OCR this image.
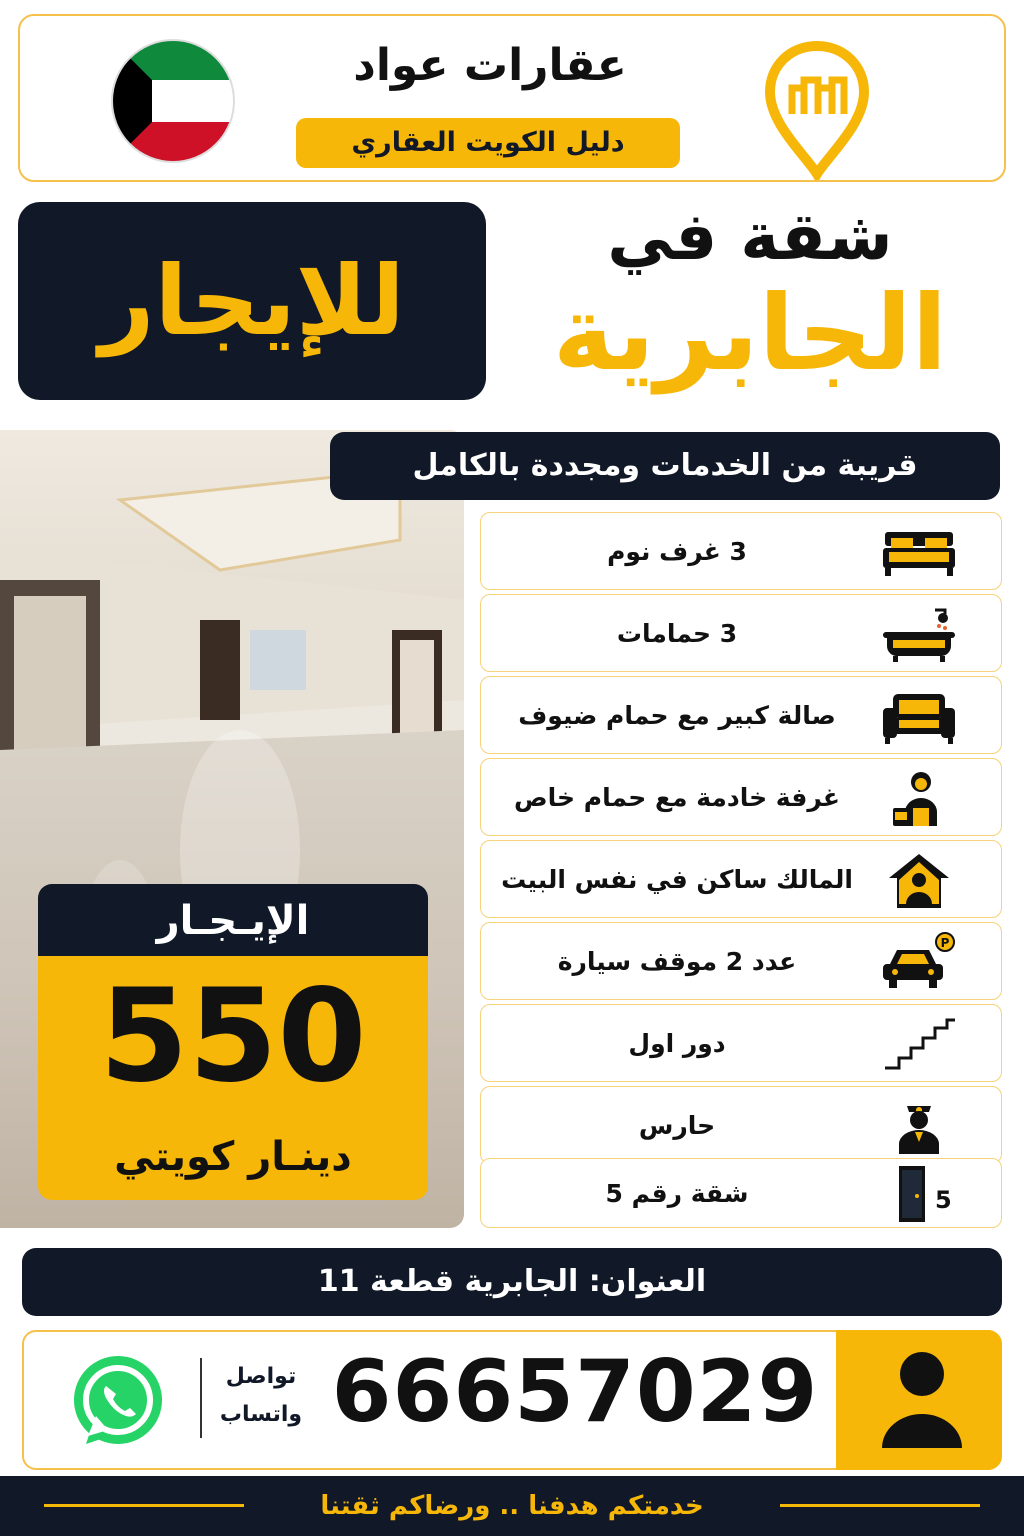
عقارات عواد
دليل الكويت العقاري
للإيجار
شقة في
الجابرية
الإيـجـار
550
دينـار كويتي
قريبة من الخدمات ومجددة بالكامل
3 غرف نوم
3 حمامات
صالة كبير مع حمام ضيوف
غرفة خادمة مع حمام خاص
المالك ساكن في نفس البيت
عدد 2 موقف سيارة
P
دور اول
حارس
شقة رقم 5	5
العنوان: الجابرية قطعة 11
66657029
تواصل
واتساب
خدمتكم هدفنا .. ورضاكم ثقتنا
